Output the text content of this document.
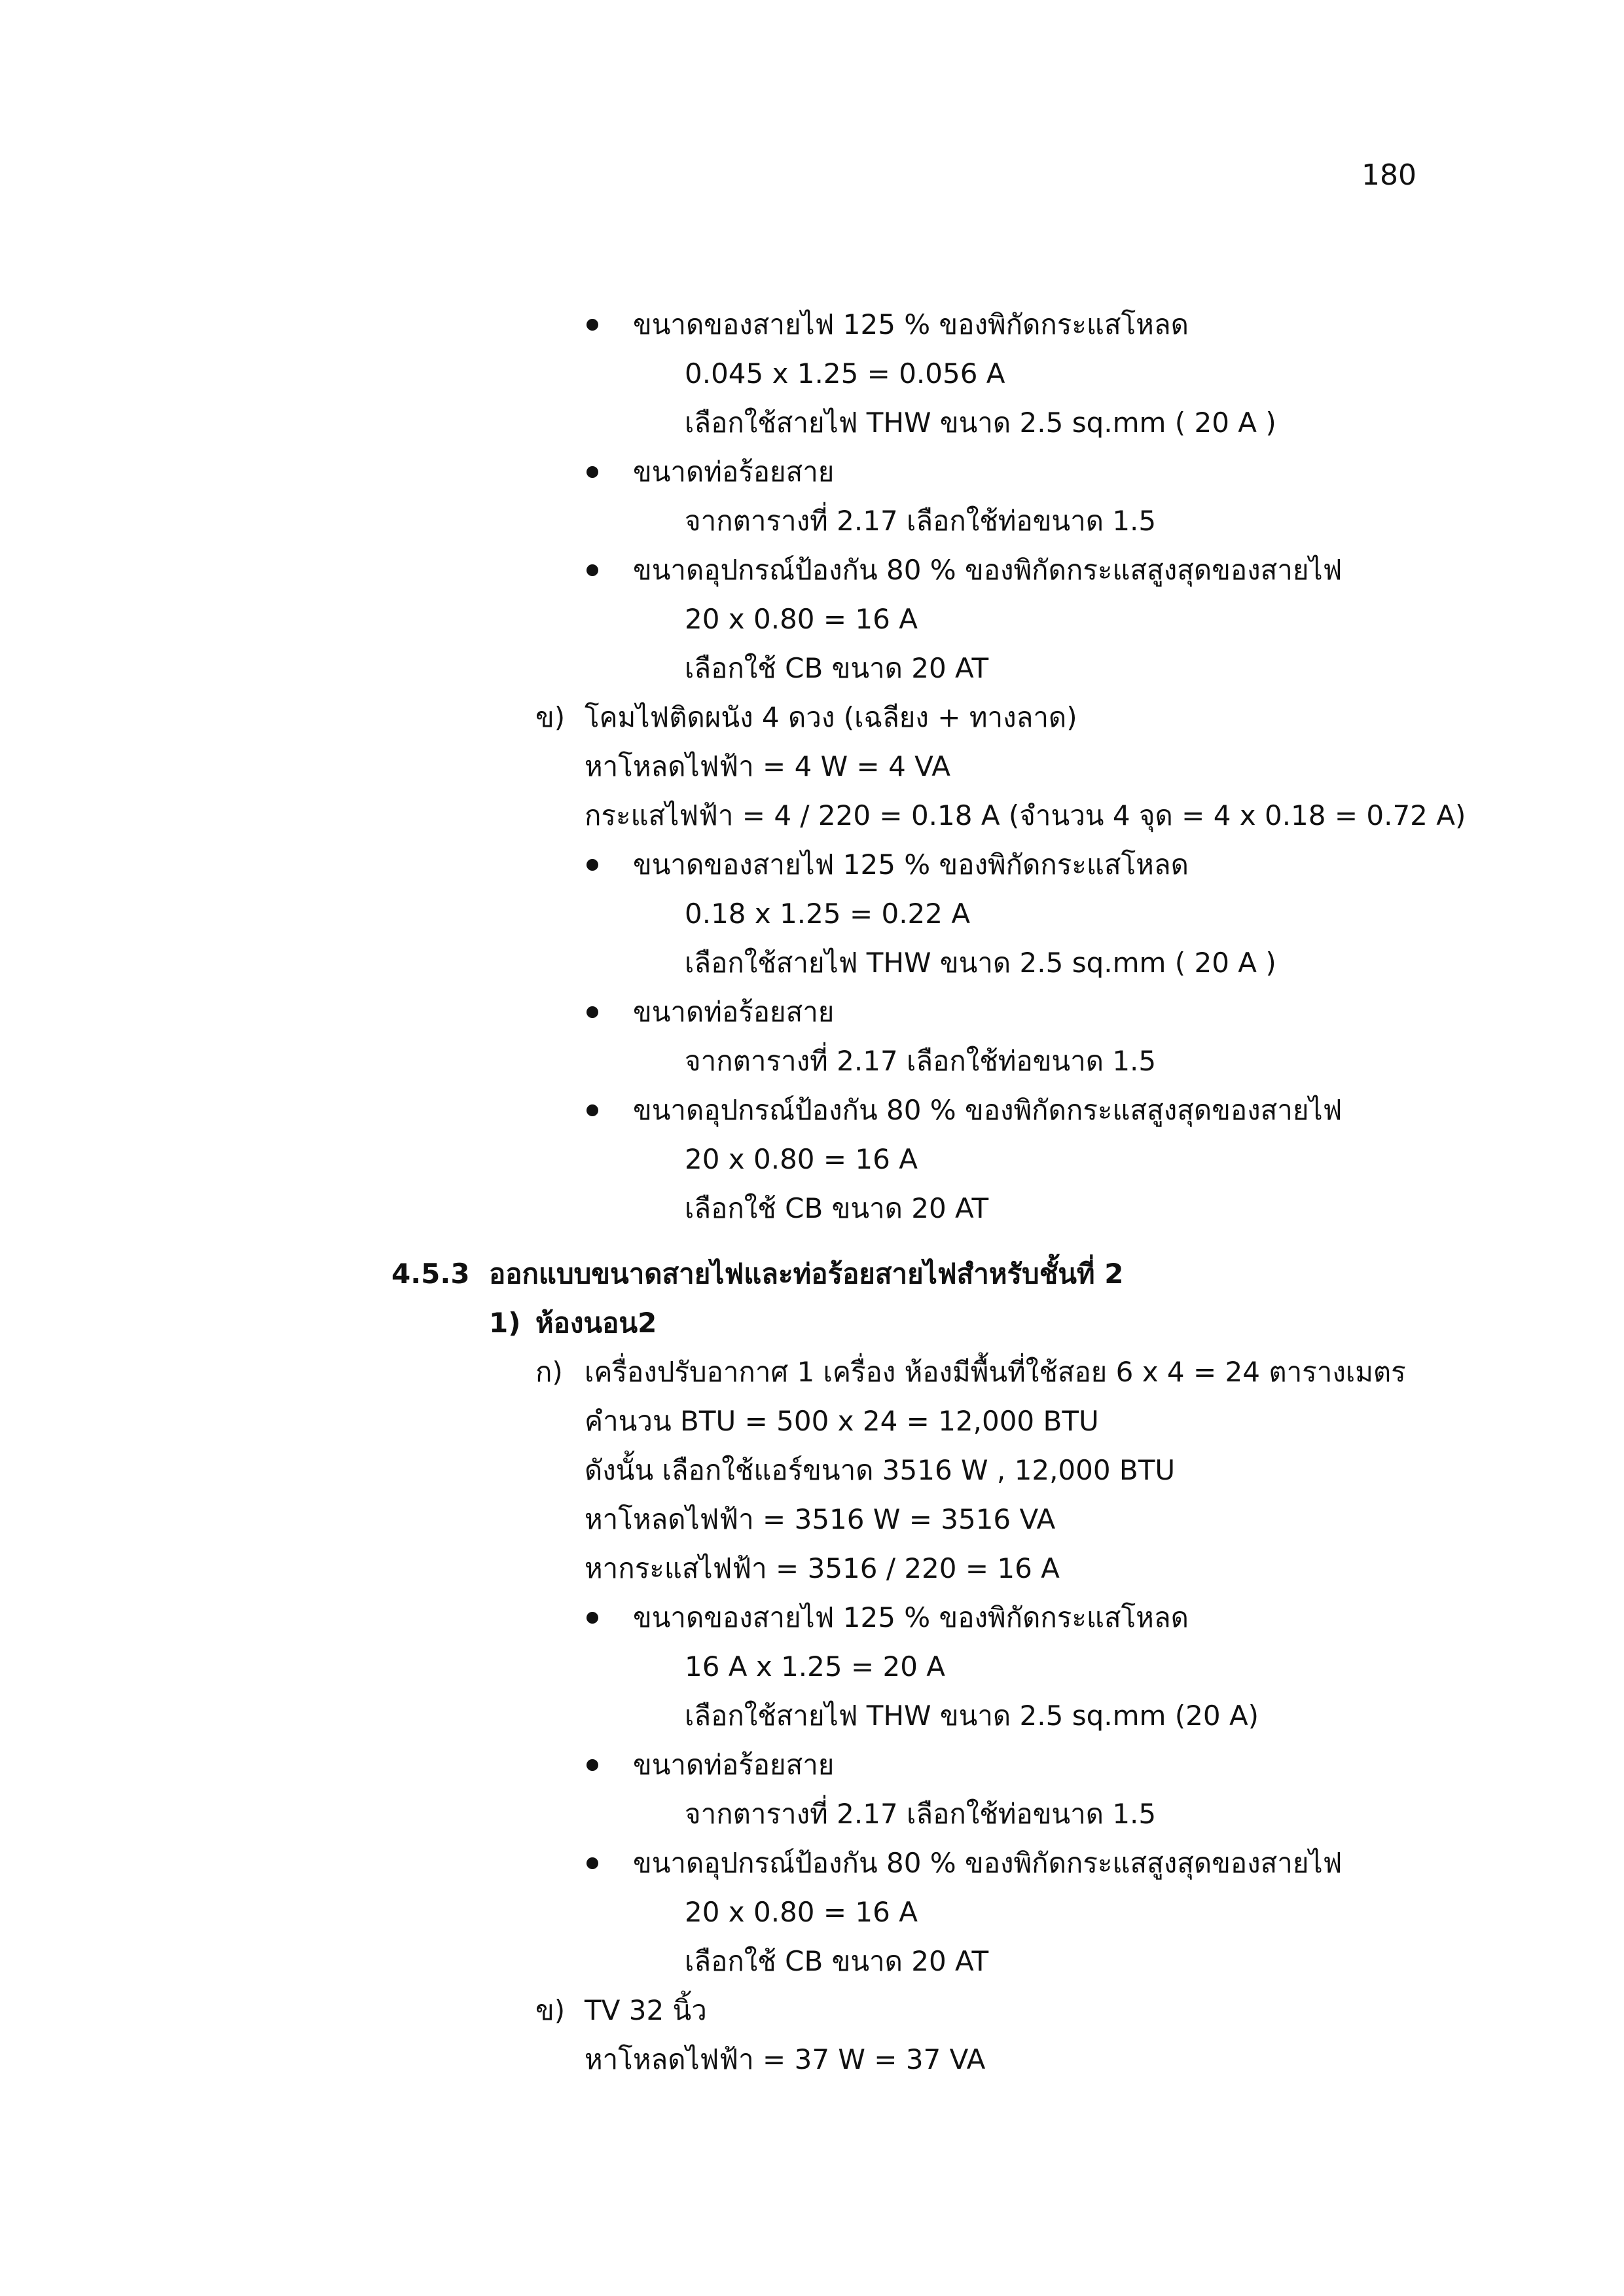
180
ขนาดของสายไฟ 125 % ของพิกัดกระแสโหลด
0.045 x 1.25 = 0.056 A
เลือกใช้สายไฟ THW ขนาด 2.5 sq.mm ( 20 A )
ขนาดท่อร้อยสาย
จากตารางที่ 2.17 เลือกใช้ท่อขนาด 1.5
ขนาดอุปกรณ์ป้องกัน 80 % ของพิกัดกระแสสูงสุดของสายไฟ
20 x 0.80 = 16 A
เลือกใช้ CB ขนาด 20 AT
ข) โคมไฟติดผนัง 4 ดวง (เฉลียง + ทางลาด)
หาโหลดไฟฟ้า = 4 W = 4 VA
กระแสไฟฟ้า = 4 / 220 = 0.18 A (จำนวน 4 จุด = 4 x 0.18 = 0.72 A)
ขนาดของสายไฟ 125 % ของพิกัดกระแสโหลด
0.18 x 1.25 = 0.22 A
เลือกใช้สายไฟ THW ขนาด 2.5 sq.mm ( 20 A )
ขนาดท่อร้อยสาย
จากตารางที่ 2.17 เลือกใช้ท่อขนาด 1.5
ขนาดอุปกรณ์ป้องกัน 80 % ของพิกัดกระแสสูงสุดของสายไฟ
20 x 0.80 = 16 A
เลือกใช้ CB ขนาด 20 AT
4.5.3 ออกแบบขนาดสายไฟและท่อร้อยสายไฟสำหรับชั้นที่ 2
1) ห้องนอน2
ก) เครื่องปรับอากาศ 1 เครื่อง ห้องมีพื้นที่ใช้สอย 6 x 4 = 24 ตารางเมตร
คำนวน BTU = 500 x 24 = 12,000 BTU
ดังนั้น เลือกใช้แอร์ขนาด 3516 W , 12,000 BTU
หาโหลดไฟฟ้า = 3516 W = 3516 VA
หากระแสไฟฟ้า = 3516 / 220 = 16 A
ขนาดของสายไฟ 125 % ของพิกัดกระแสโหลด
16 A x 1.25 = 20 A
เลือกใช้สายไฟ THW ขนาด 2.5 sq.mm (20 A)
ขนาดท่อร้อยสาย
จากตารางที่ 2.17 เลือกใช้ท่อขนาด 1.5
ขนาดอุปกรณ์ป้องกัน 80 % ของพิกัดกระแสสูงสุดของสายไฟ
20 x 0.80 = 16 A
เลือกใช้ CB ขนาด 20 AT
ข) TV 32 นิ้ว
หาโหลดไฟฟ้า = 37 W = 37 VA
